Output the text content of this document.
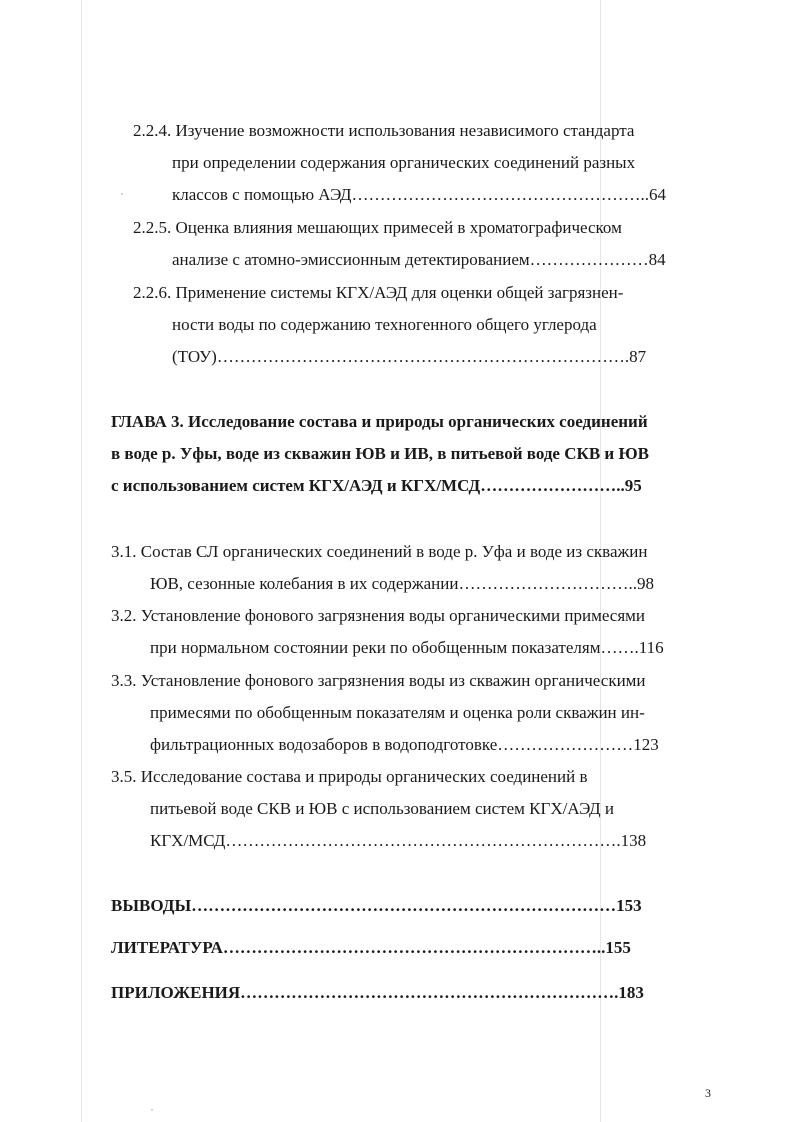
2.2.4. Изучение возможности использования независимого стандарта
при определении содержания органических соединений разных
классов с помощью АЭД……………………………………………..64
2.2.5. Оценка влияния мешающих примесей в хроматографическом
анализе с атомно-эмиссионным детектированием…………………84
2.2.6. Применение системы КГХ/АЭД для оценки общей загрязнен-
ности воды по содержанию техногенного общего углерода
(ТОУ)……………………………………………………………….87
ГЛАВА 3. Исследование состава и природы органических соединений
в воде р. Уфы, воде из скважин ЮВ и ИВ, в питьевой воде СКВ и ЮВ
с использованием систем КГХ/АЭД и КГХ/МСД……………………..95
3.1. Состав СЛ органических соединений в воде р. Уфа и воде из скважин
ЮВ, сезонные колебания в их содержании…………………………..98
3.2. Установление фонового загрязнения воды органическими примесями
при нормальном состоянии реки по обобщенным показателям…….116
3.3. Установление фонового загрязнения воды из скважин органическими
примесями по обобщенным показателям и оценка роли скважин ин-
фильтрационных водозаборов в водоподготовке……………………123
3.5. Исследование состава и природы органических соединений в
питьевой воде СКВ и ЮВ с использованием систем КГХ/АЭД и
КГХ/МСД…………………………………………………………….138
ВЫВОДЫ…………………………………………………………………153
ЛИТЕРАТУРА…………………………………………………………..155
ПРИЛОЖЕНИЯ………………………………………………………….183
3
